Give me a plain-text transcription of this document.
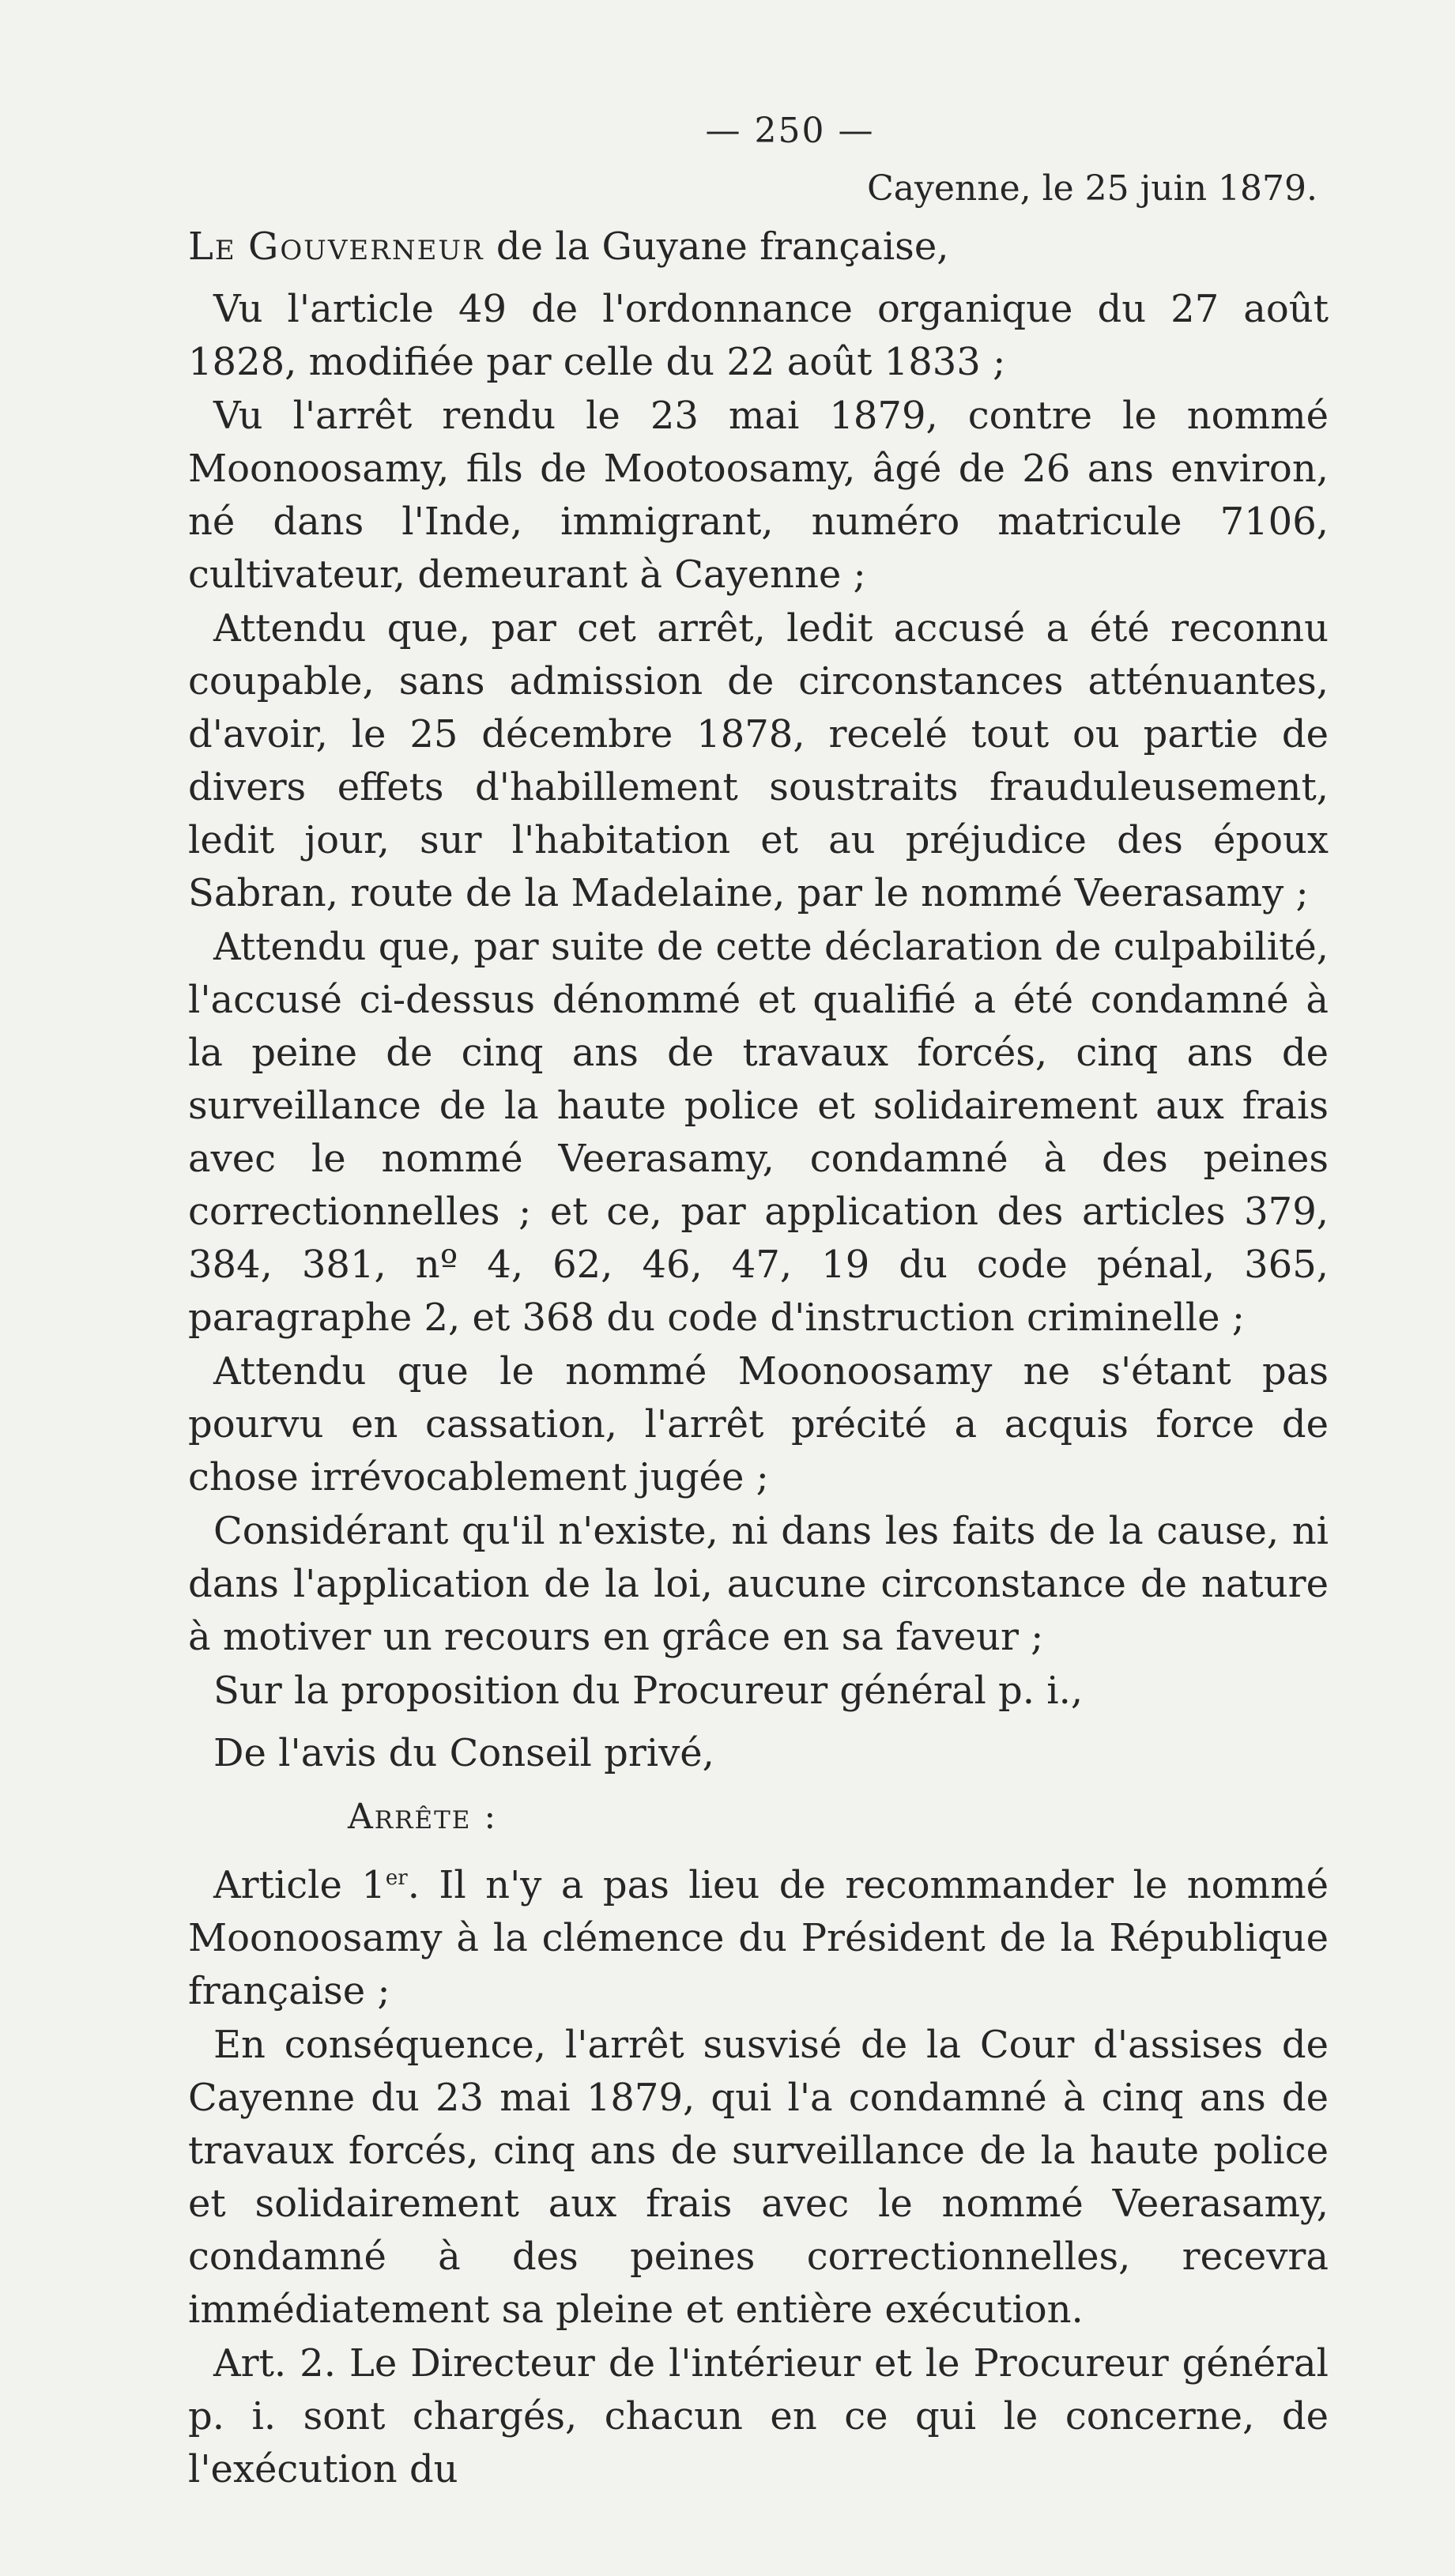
— 250 —
Cayenne, le 25 juin 1879.
Le Gouverneur de la Guyane française,

Vu l'article 49 de l'ordonnance organique du 27 août 1828, modifiée par celle du 22 août 1833 ;

Vu l'arrêt rendu le 23 mai 1879, contre le nommé Moonoosamy, fils de Mootoosamy, âgé de 26 ans environ, né dans l'Inde, immigrant, numéro matricule 7106, cultivateur, demeurant à Cayenne ;

Attendu que, par cet arrêt, ledit accusé a été reconnu coupable, sans admission de circonstances atténuantes, d'avoir, le 25 décembre 1878, recelé tout ou partie de divers effets d'habillement soustraits frauduleusement, ledit jour, sur l'habitation et au préjudice des époux Sabran, route de la Madelaine, par le nommé Veerasamy ;

Attendu que, par suite de cette déclaration de culpabilité, l'accusé ci-dessus dénommé et qualifié a été condamné à la peine de cinq ans de travaux forcés, cinq ans de surveillance de la haute police et solidairement aux frais avec le nommé Veerasamy, condamné à des peines correctionnelles ; et ce, par application des articles 379, 384, 381, nº 4, 62, 46, 47, 19 du code pénal, 365, paragraphe 2, et 368 du code d'instruction criminelle ;

Attendu que le nommé Moonoosamy ne s'étant pas pourvu en cassation, l'arrêt précité a acquis force de chose irrévocablement jugée ;

Considérant qu'il n'existe, ni dans les faits de la cause, ni dans l'application de la loi, aucune circonstance de nature à motiver un recours en grâce en sa faveur ;

Sur la proposition du Procureur général p. i.,

De l'avis du Conseil privé,

Arrête :

Article 1er. Il n'y a pas lieu de recommander le nommé Moonoosamy à la clémence du Président de la République française ;

En conséquence, l'arrêt susvisé de la Cour d'assises de Cayenne du 23 mai 1879, qui l'a condamné à cinq ans de travaux forcés, cinq ans de surveillance de la haute police et solidairement aux frais avec le nommé Veerasamy, condamné à des peines correctionnelles, recevra immédiatement sa pleine et entière exécution.

Art. 2. Le Directeur de l'intérieur et le Procureur général p. i. sont chargés, chacun en ce qui le concerne, de l'exécution du
